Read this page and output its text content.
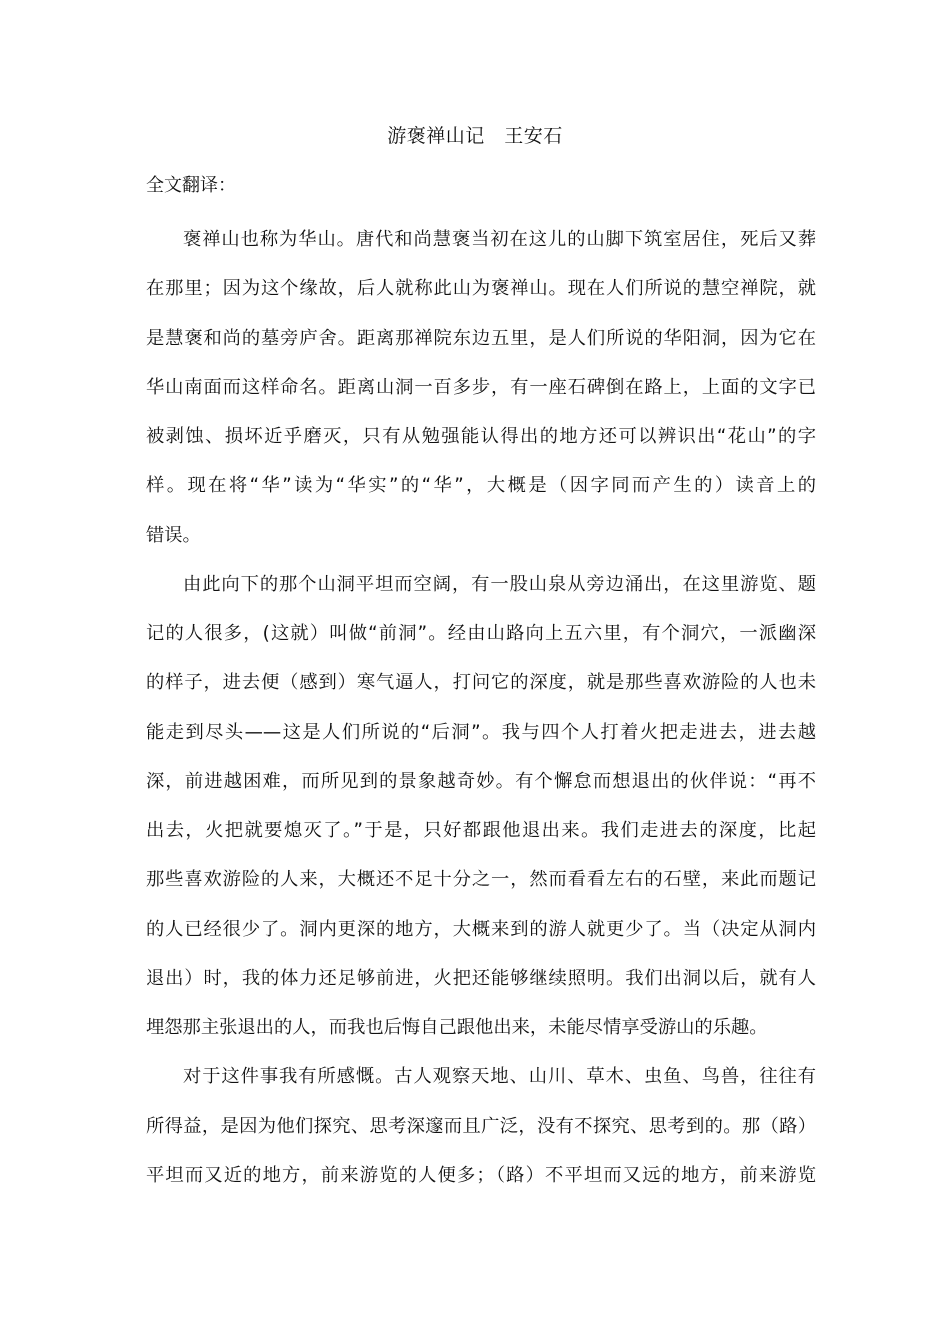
游褒禅山记　王安石
全文翻译：
褒禅山也称为华山。唐代和尚慧褒当初在这儿的山脚下筑室居住，死后又葬
在那里；因为这个缘故，后人就称此山为褒禅山。现在人们所说的慧空禅院，就
是慧褒和尚的墓旁庐舍。距离那禅院东边五里，是人们所说的华阳洞，因为它在
华山南面而这样命名。距离山洞一百多步，有一座石碑倒在路上，上面的文字已
被剥蚀、损坏近乎磨灭，只有从勉强能认得出的地方还可以辨识出“花山”的字
样。现在将“华”读为“华实”的“华”，大概是（因字同而产生的）读音上的
错误。
由此向下的那个山洞平坦而空阔，有一股山泉从旁边涌出，在这里游览、题
记的人很多，(这就）叫做“前洞”。经由山路向上五六里，有个洞穴，一派幽深
的样子，进去便（感到）寒气逼人，打问它的深度，就是那些喜欢游险的人也未
能走到尽头——这是人们所说的“后洞”。我与四个人打着火把走进去，进去越
深，前进越困难，而所见到的景象越奇妙。有个懈怠而想退出的伙伴说：“再不
出去，火把就要熄灭了。”于是，只好都跟他退出来。我们走进去的深度，比起
那些喜欢游险的人来，大概还不足十分之一，然而看看左右的石壁，来此而题记
的人已经很少了。洞内更深的地方，大概来到的游人就更少了。当（决定从洞内
退出）时，我的体力还足够前进，火把还能够继续照明。我们出洞以后，就有人
埋怨那主张退出的人，而我也后悔自己跟他出来，未能尽情享受游山的乐趣。
对于这件事我有所感慨。古人观察天地、山川、草木、虫鱼、鸟兽，往往有
所得益，是因为他们探究、思考深邃而且广泛，没有不探究、思考到的。那（路）
平坦而又近的地方，前来游览的人便多；（路）不平坦而又远的地方，前来游览
